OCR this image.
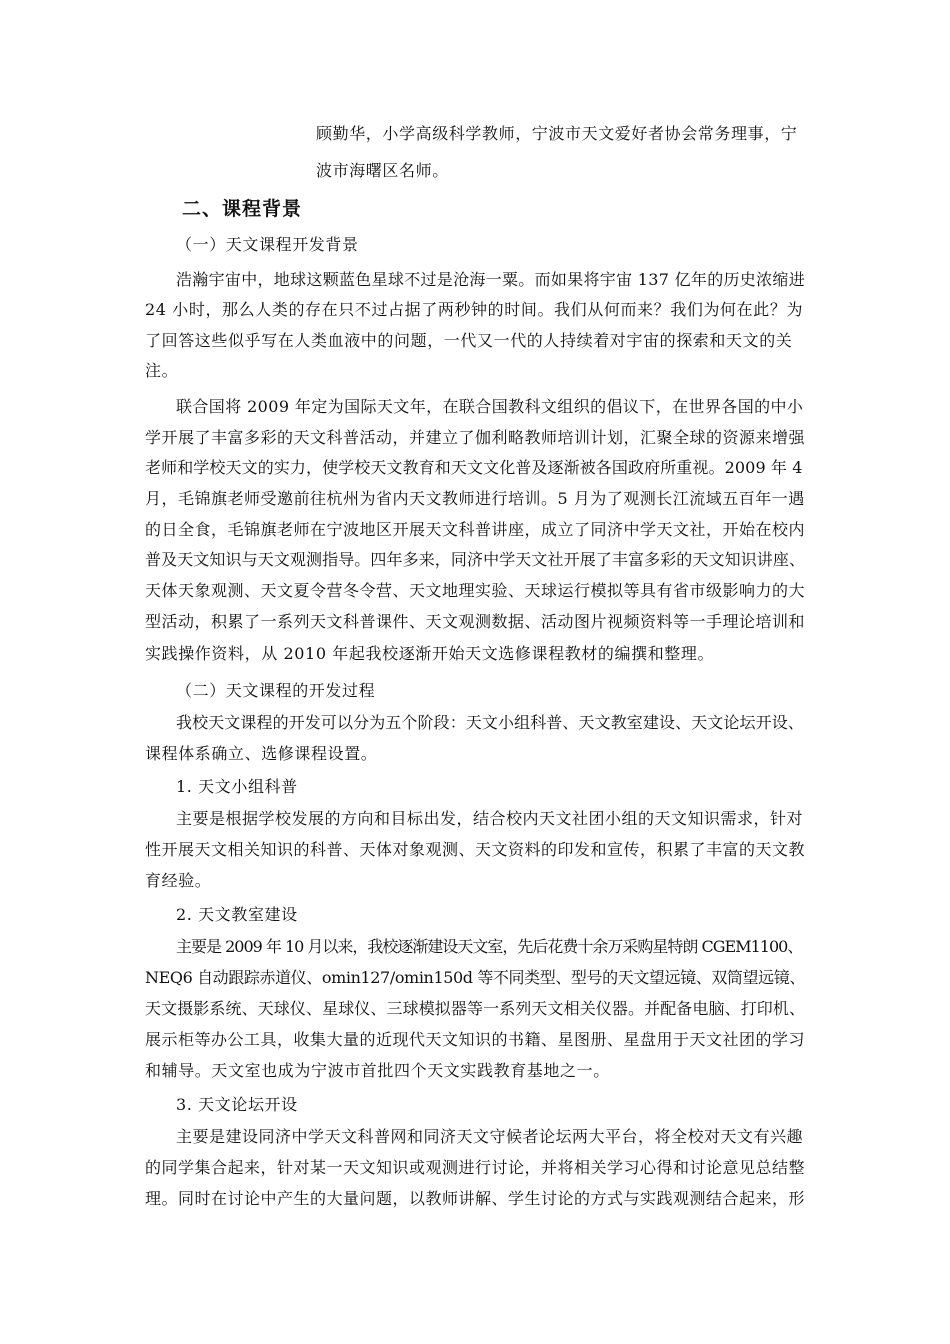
顾勤华，小学高级科学教师，宁波市天文爱好者协会常务理事，宁
波市海曙区名师。
二、课程背景
（一）天文课程开发背景
浩瀚宇宙中，地球这颗蓝色星球不过是沧海一粟。而如果将宇宙 137 亿年的历史浓缩进
24 小时，那么人类的存在只不过占据了两秒钟的时间。我们从何而来？我们为何在此？为
了回答这些似乎写在人类血液中的问题，一代又一代的人持续着对宇宙的探索和天文的关
注。
联合国将 2009 年定为国际天文年，在联合国教科文组织的倡议下，在世界各国的中小
学开展了丰富多彩的天文科普活动，并建立了伽利略教师培训计划，汇聚全球的资源来增强
老师和学校天文的实力，使学校天文教育和天文文化普及逐渐被各国政府所重视。2009 年 4
月，毛锦旗老师受邀前往杭州为省内天文教师进行培训。5 月为了观测长江流域五百年一遇
的日全食，毛锦旗老师在宁波地区开展天文科普讲座，成立了同济中学天文社，开始在校内
普及天文知识与天文观测指导。四年多来，同济中学天文社开展了丰富多彩的天文知识讲座、
天体天象观测、天文夏令营冬令营、天文地理实验、天球运行模拟等具有省市级影响力的大
型活动，积累了一系列天文科普课件、天文观测数据、活动图片视频资料等一手理论培训和
实践操作资料，从 2010 年起我校逐渐开始天文选修课程教材的编撰和整理。
（二）天文课程的开发过程
我校天文课程的开发可以分为五个阶段：天文小组科普、天文教室建设、天文论坛开设、
课程体系确立、选修课程设置。
1. 天文小组科普
主要是根据学校发展的方向和目标出发，结合校内天文社团小组的天文知识需求，针对
性开展天文相关知识的科普、天体对象观测、天文资料的印发和宣传，积累了丰富的天文教
育经验。
2. 天文教室建设
主要是 2009 年 10 月以来，我校逐渐建设天文室，先后花费十余万采购星特朗 CGEM1100、
NEQ6 自动跟踪赤道仪、omin127/omin150d 等不同类型、型号的天文望远镜、双筒望远镜、
天文摄影系统、天球仪、星球仪、三球模拟器等一系列天文相关仪器。并配备电脑、打印机、
展示柜等办公工具，收集大量的近现代天文知识的书籍、星图册、星盘用于天文社团的学习
和辅导。天文室也成为宁波市首批四个天文实践教育基地之一。
3. 天文论坛开设
主要是建设同济中学天文科普网和同济天文守候者论坛两大平台，将全校对天文有兴趣
的同学集合起来，针对某一天文知识或观测进行讨论，并将相关学习心得和讨论意见总结整
理。同时在讨论中产生的大量问题，以教师讲解、学生讨论的方式与实践观测结合起来，形
